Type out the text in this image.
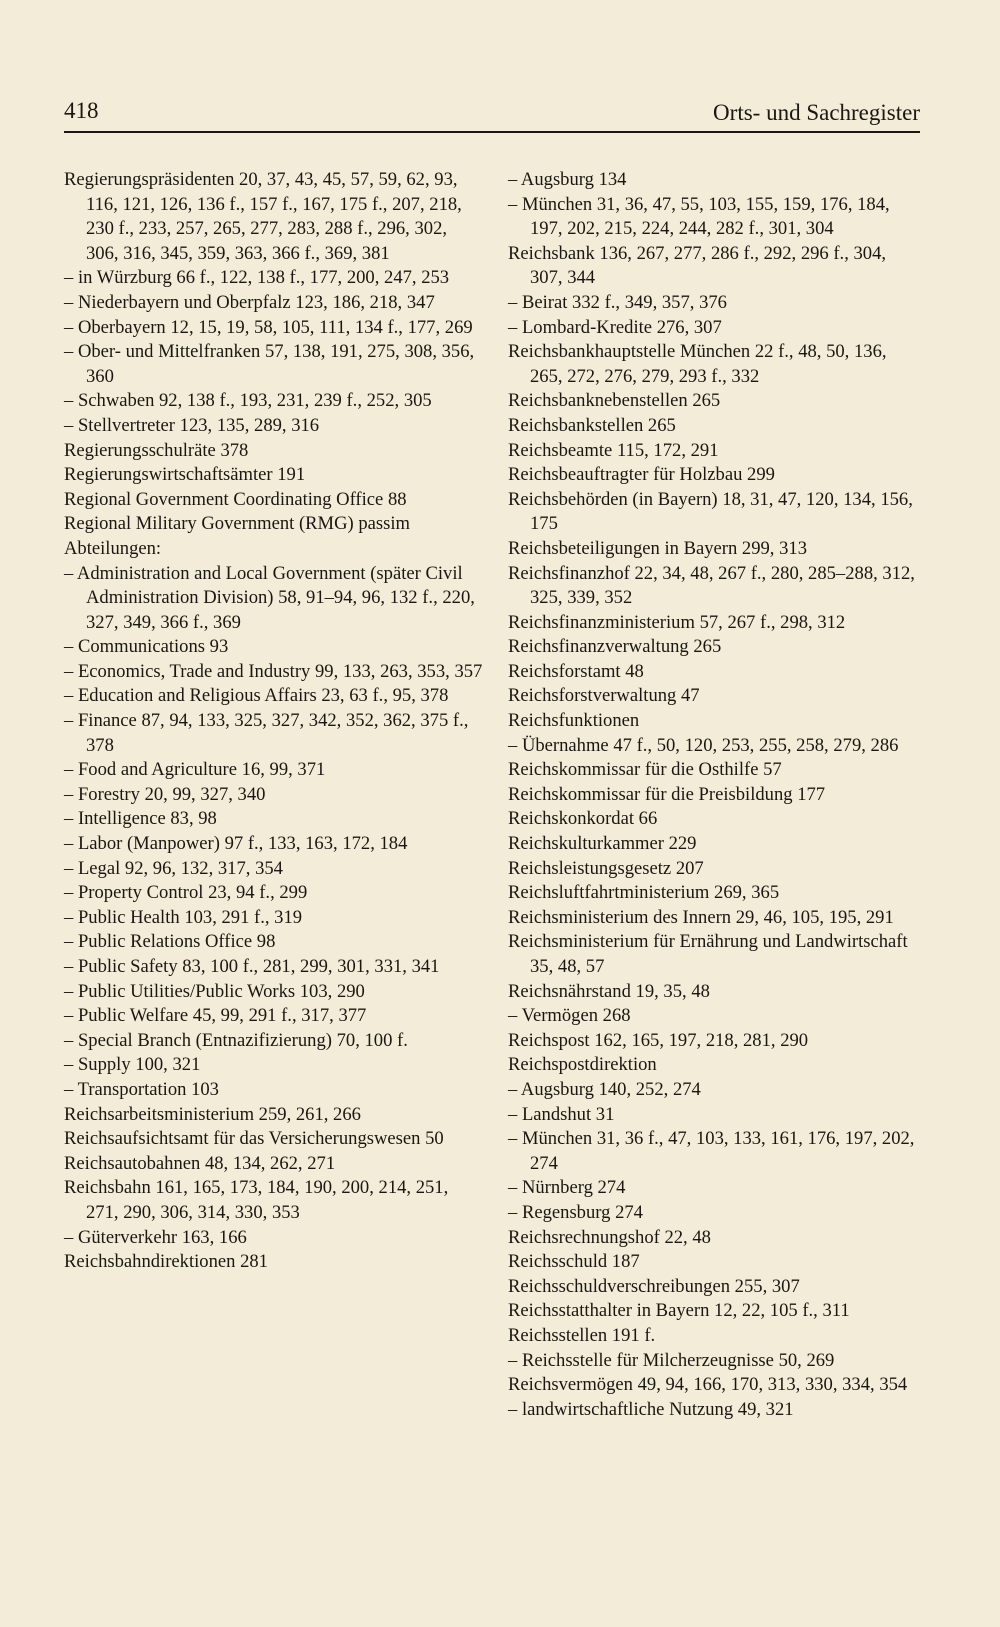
418	Orts- und Sachregister

Regierungspräsidenten 20, 37, 43, 45, 57, 59, 62, 93, 116, 121, 126, 136 f., 157 f., 167, 175 f., 207, 218, 230 f., 233, 257, 265, 277, 283, 288 f., 296, 302, 306, 316, 345, 359, 363, 366 f., 369, 381

– in Würzburg 66 f., 122, 138 f., 177, 200, 247, 253

– Niederbayern und Oberpfalz 123, 186, 218, 347

– Oberbayern 12, 15, 19, 58, 105, 111, 134 f., 177, 269

– Ober- und Mittelfranken 57, 138, 191, 275, 308, 356, 360

– Schwaben 92, 138 f., 193, 231, 239 f., 252, 305

– Stellvertreter 123, 135, 289, 316

Regierungsschulräte 378

Regierungswirtschaftsämter 191

Regional Government Coordinating Office 88

Regional Military Government (RMG) passim

Abteilungen:

– Administration and Local Government (später Civil Administration Division) 58, 91–94, 96, 132 f., 220, 327, 349, 366 f., 369

– Communications 93

– Economics, Trade and Industry 99, 133, 263, 353, 357

– Education and Religious Affairs 23, 63 f., 95, 378

– Finance 87, 94, 133, 325, 327, 342, 352, 362, 375 f., 378

– Food and Agriculture 16, 99, 371

– Forestry 20, 99, 327, 340

– Intelligence 83, 98

– Labor (Manpower) 97 f., 133, 163, 172, 184

– Legal 92, 96, 132, 317, 354

– Property Control 23, 94 f., 299

– Public Health 103, 291 f., 319

– Public Relations Office 98

– Public Safety 83, 100 f., 281, 299, 301, 331, 341

– Public Utilities/Public Works 103, 290

– Public Welfare 45, 99, 291 f., 317, 377

– Special Branch (Entnazifizierung) 70, 100 f.

– Supply 100, 321

– Transportation 103

Reichsarbeitsministerium 259, 261, 266

Reichsaufsichtsamt für das Versicherungswesen 50

Reichsautobahnen 48, 134, 262, 271

Reichsbahn 161, 165, 173, 184, 190, 200, 214, 251, 271, 290, 306, 314, 330, 353

– Güterverkehr 163, 166

Reichsbahndirektionen 281

– Augsburg 134

– München 31, 36, 47, 55, 103, 155, 159, 176, 184, 197, 202, 215, 224, 244, 282 f., 301, 304

Reichsbank 136, 267, 277, 286 f., 292, 296 f., 304, 307, 344

– Beirat 332 f., 349, 357, 376

– Lombard-Kredite 276, 307

Reichsbankhauptstelle München 22 f., 48, 50, 136, 265, 272, 276, 279, 293 f., 332

Reichsbanknebenstellen 265

Reichsbankstellen 265

Reichsbeamte 115, 172, 291

Reichsbeauftragter für Holzbau 299

Reichsbehörden (in Bayern) 18, 31, 47, 120, 134, 156, 175

Reichsbeteiligungen in Bayern 299, 313

Reichsfinanzhof 22, 34, 48, 267 f., 280, 285–288, 312, 325, 339, 352

Reichsfinanzministerium 57, 267 f., 298, 312

Reichsfinanzverwaltung 265

Reichsforstamt 48

Reichsforstverwaltung 47

Reichsfunktionen

– Übernahme 47 f., 50, 120, 253, 255, 258, 279, 286

Reichskommissar für die Osthilfe 57

Reichskommissar für die Preisbildung 177

Reichskonkordat 66

Reichskulturkammer 229

Reichsleistungsgesetz 207

Reichsluftfahrtministerium 269, 365

Reichsministerium des Innern 29, 46, 105, 195, 291

Reichsministerium für Ernährung und Landwirtschaft 35, 48, 57

Reichsnährstand 19, 35, 48

– Vermögen 268

Reichspost 162, 165, 197, 218, 281, 290

Reichspostdirektion

– Augsburg 140, 252, 274

– Landshut 31

– München 31, 36 f., 47, 103, 133, 161, 176, 197, 202, 274

– Nürnberg 274

– Regensburg 274

Reichsrechnungshof 22, 48

Reichsschuld 187

Reichsschuldverschreibungen 255, 307

Reichsstatthalter in Bayern 12, 22, 105 f., 311

Reichsstellen 191 f.

– Reichsstelle für Milcherzeugnisse 50, 269

Reichsvermögen 49, 94, 166, 170, 313, 330, 334, 354

– landwirtschaftliche Nutzung 49, 321
